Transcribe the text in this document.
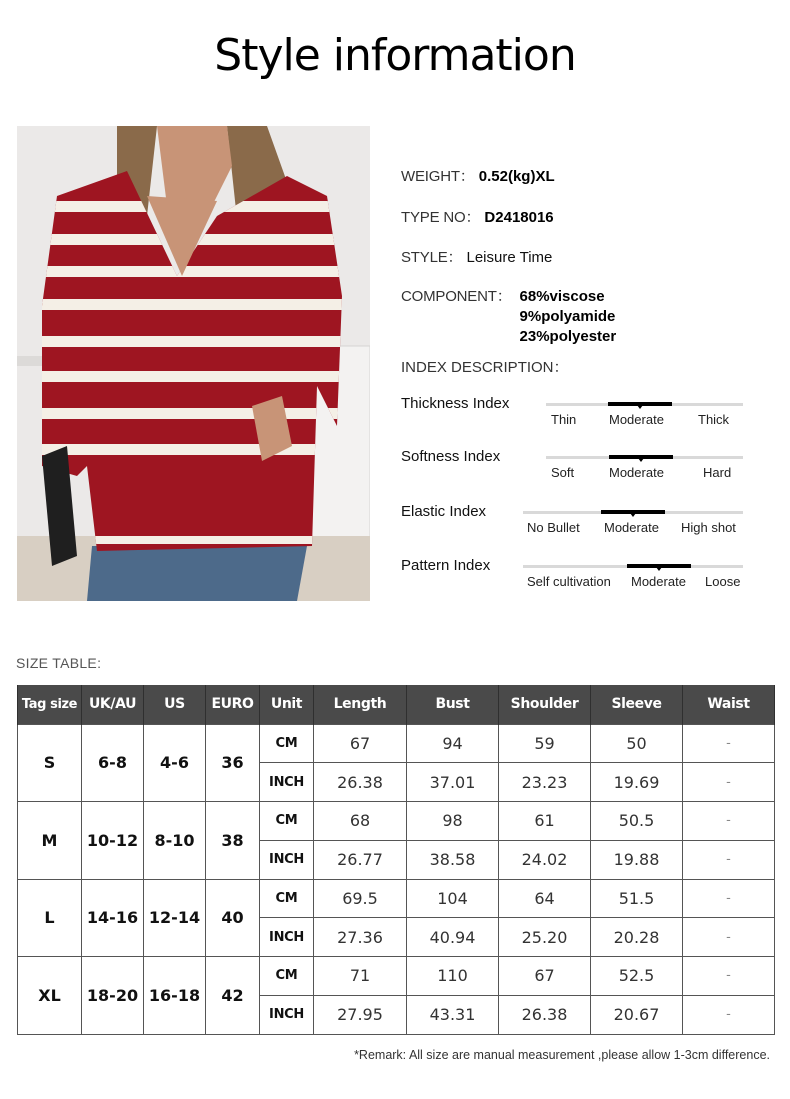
Style information
WEIGHT： 0.52(kg)XL
TYPE NO： D2418016
STYLE： Leisure Time
COMPONENT： 68%viscose
9%polyamide
23%polyester
INDEX DESCRIPTION：
Thickness Index
Thin	Moderate	Thick
Softness Index
Soft	Moderate	Hard
Elastic Index
No Bullet Moderate High shot
Pattern Index
Self cultivation Moderate Loose
SIZE TABLE:
Tag size	UK/AU	US	EURO	Unit	Length	Bust	Shoulder	Sleeve	Waist
S	6-8	4-6	36	CM	67	94	59	50	-
				INCH	26.38	37.01	23.23	19.69	-
M	10-12	8-10	38	CM	68	98	61	50.5	-
				INCH	26.77	38.58	24.02	19.88	-
L	14-16	12-14	40	CM	69.5	104	64	51.5	-
				INCH	27.36	40.94	25.20	20.28	-
XL	18-20	16-18	42	CM	71	110	67	52.5	-
				INCH	27.95	43.31	26.38	20.67	-
*Remark: All size are manual measurement ,please allow 1-3cm difference.
